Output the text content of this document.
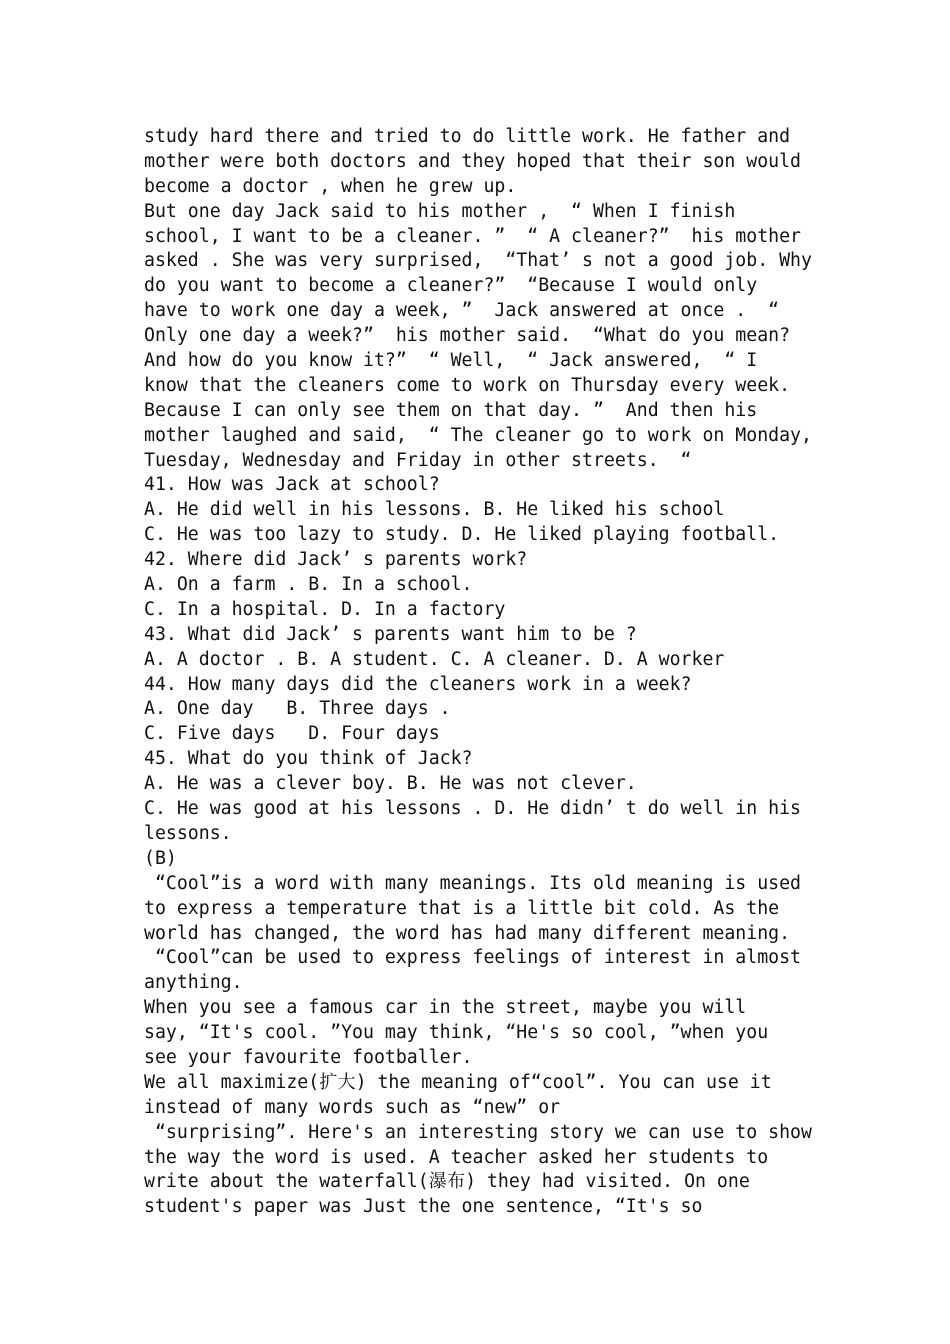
study hard there and tried to do little work. He father and
mother were both doctors and they hoped that their son would
become a doctor , when he grew up.
But one day Jack said to his mother ,  “ When I finish
school, I want to be a cleaner. ”  “ A cleaner?”  his mother
asked . She was very surprised,  “That’ s not a good job. Why
do you want to become a cleaner?”  “Because I would only
have to work one day a week, ”  Jack answered at once .  “
Only one day a week?”  his mother said.  “What do you mean?
And how do you know it?”  “ Well,  “ Jack answered,  “ I
know that the cleaners come to work on Thursday every week.
Because I can only see them on that day. ”  And then his
mother laughed and said,  “ The cleaner go to work on Monday,
Tuesday, Wednesday and Friday in other streets.  “
41. How was Jack at school?
A. He did well in his lessons. B. He liked his school
C. He was too lazy to study. D. He liked playing football.
42. Where did Jack’ s parents work?
A. On a farm . B. In a school.
C. In a hospital. D. In a factory
43. What did Jack’ s parents want him to be ?
A. A doctor . B. A student. C. A cleaner. D. A worker
44. How many days did the cleaners work in a week?
A. One day   B. Three days .
C. Five days   D. Four days
45. What do you think of Jack?
A. He was a clever boy. B. He was not clever.
C. He was good at his lessons . D. He didn’ t do well in his
lessons.
(B)
“Cool”is a word with many meanings. Its old meaning is used
to express a temperature that is a little bit cold. As the
world has changed, the word has had many different meaning.
“Cool”can be used to express feelings of interest in almost
anything.
When you see a famous car in the street, maybe you will
say, “It's cool. ”You may think, “He's so cool, ”when you
see your favourite footballer.
We all maximize(扩大) the meaning of“cool”. You can use it
instead of many words such as “new” or
“surprising”. Here's an interesting story we can use to show
the way the word is used. A teacher asked her students to
write about the waterfall(瀑布) they had visited. On one
student's paper was Just the one sentence, “It's so
